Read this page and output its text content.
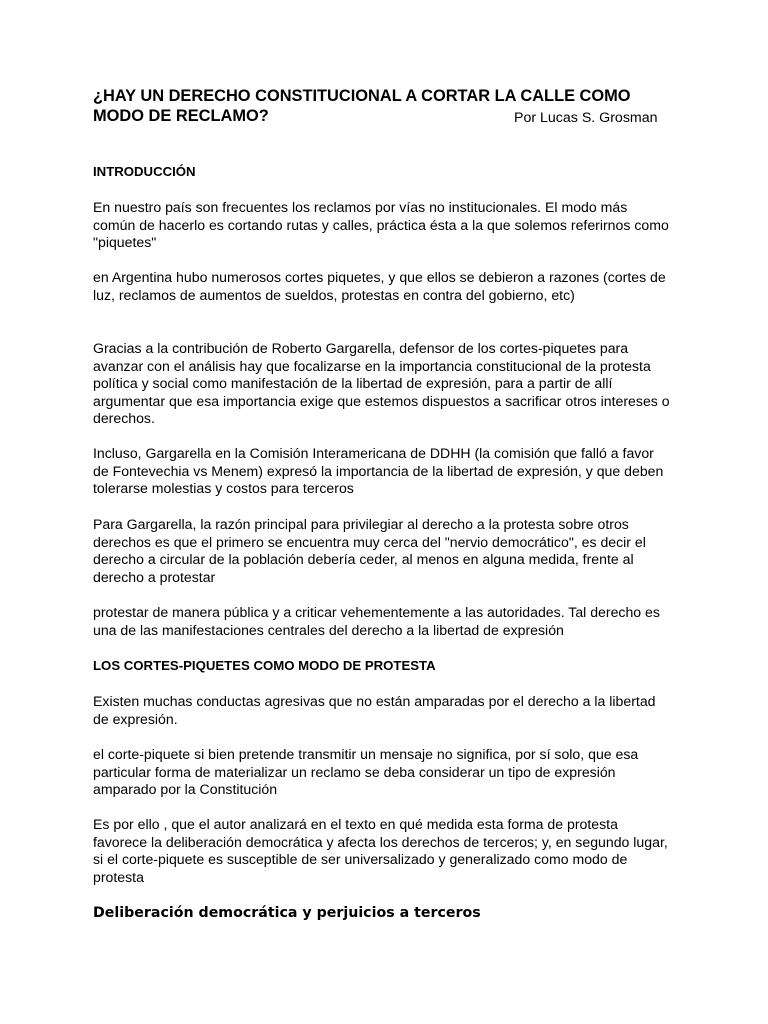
¿HAY UN DERECHO CONSTITUCIONAL A CORTAR LA CALLE COMO
MODO DE RECLAMO?	Por Lucas S. Grosman
INTRODUCCIÓN

En nuestro país son frecuentes los reclamos por vías no institucionales. El modo más
común de hacerlo es cortando rutas y calles, práctica ésta a la que solemos referirnos como
"piquetes"

en Argentina hubo numerosos cortes piquetes, y que ellos se debieron a razones (cortes de
luz, reclamos de aumentos de sueldos, protestas en contra del gobierno, etc)

Gracias a la contribución de Roberto Gargarella, defensor de los cortes-piquetes para
avanzar con el análisis hay que focalizarse en la importancia constitucional de la protesta
política y social como manifestación de la libertad de expresión, para a partir de allí
argumentar que esa importancia exige que estemos dispuestos a sacrificar otros intereses o
derechos.

Incluso, Gargarella en la Comisión Interamericana de DDHH (la comisión que falló a favor
de Fontevechia vs Menem) expresó la importancia de la libertad de expresión, y que deben
tolerarse molestias y costos para terceros

Para Gargarella, la razón principal para privilegiar al derecho a la protesta sobre otros
derechos es que el primero se encuentra muy cerca del "nervio democrático", es decir el
derecho a circular de la población debería ceder, al menos en alguna medida, frente al
derecho a protestar

protestar de manera pública y a criticar vehementemente a las autoridades. Tal derecho es
una de las manifestaciones centrales del derecho a la libertad de expresión

LOS CORTES-PIQUETES COMO MODO DE PROTESTA

Existen muchas conductas agresivas que no están amparadas por el derecho a la libertad
de expresión.

el corte-piquete si bien pretende transmitir un mensaje no significa, por sí solo, que esa
particular forma de materializar un reclamo se deba considerar un tipo de expresión
amparado por la Constitución

Es por ello , que el autor analizará en el texto en qué medida esta forma de protesta
favorece la deliberación democrática y afecta los derechos de terceros; y, en segundo lugar,
si el corte-piquete es susceptible de ser universalizado y generalizado como modo de
protesta

Deliberación democrática y perjuicios a terceros
